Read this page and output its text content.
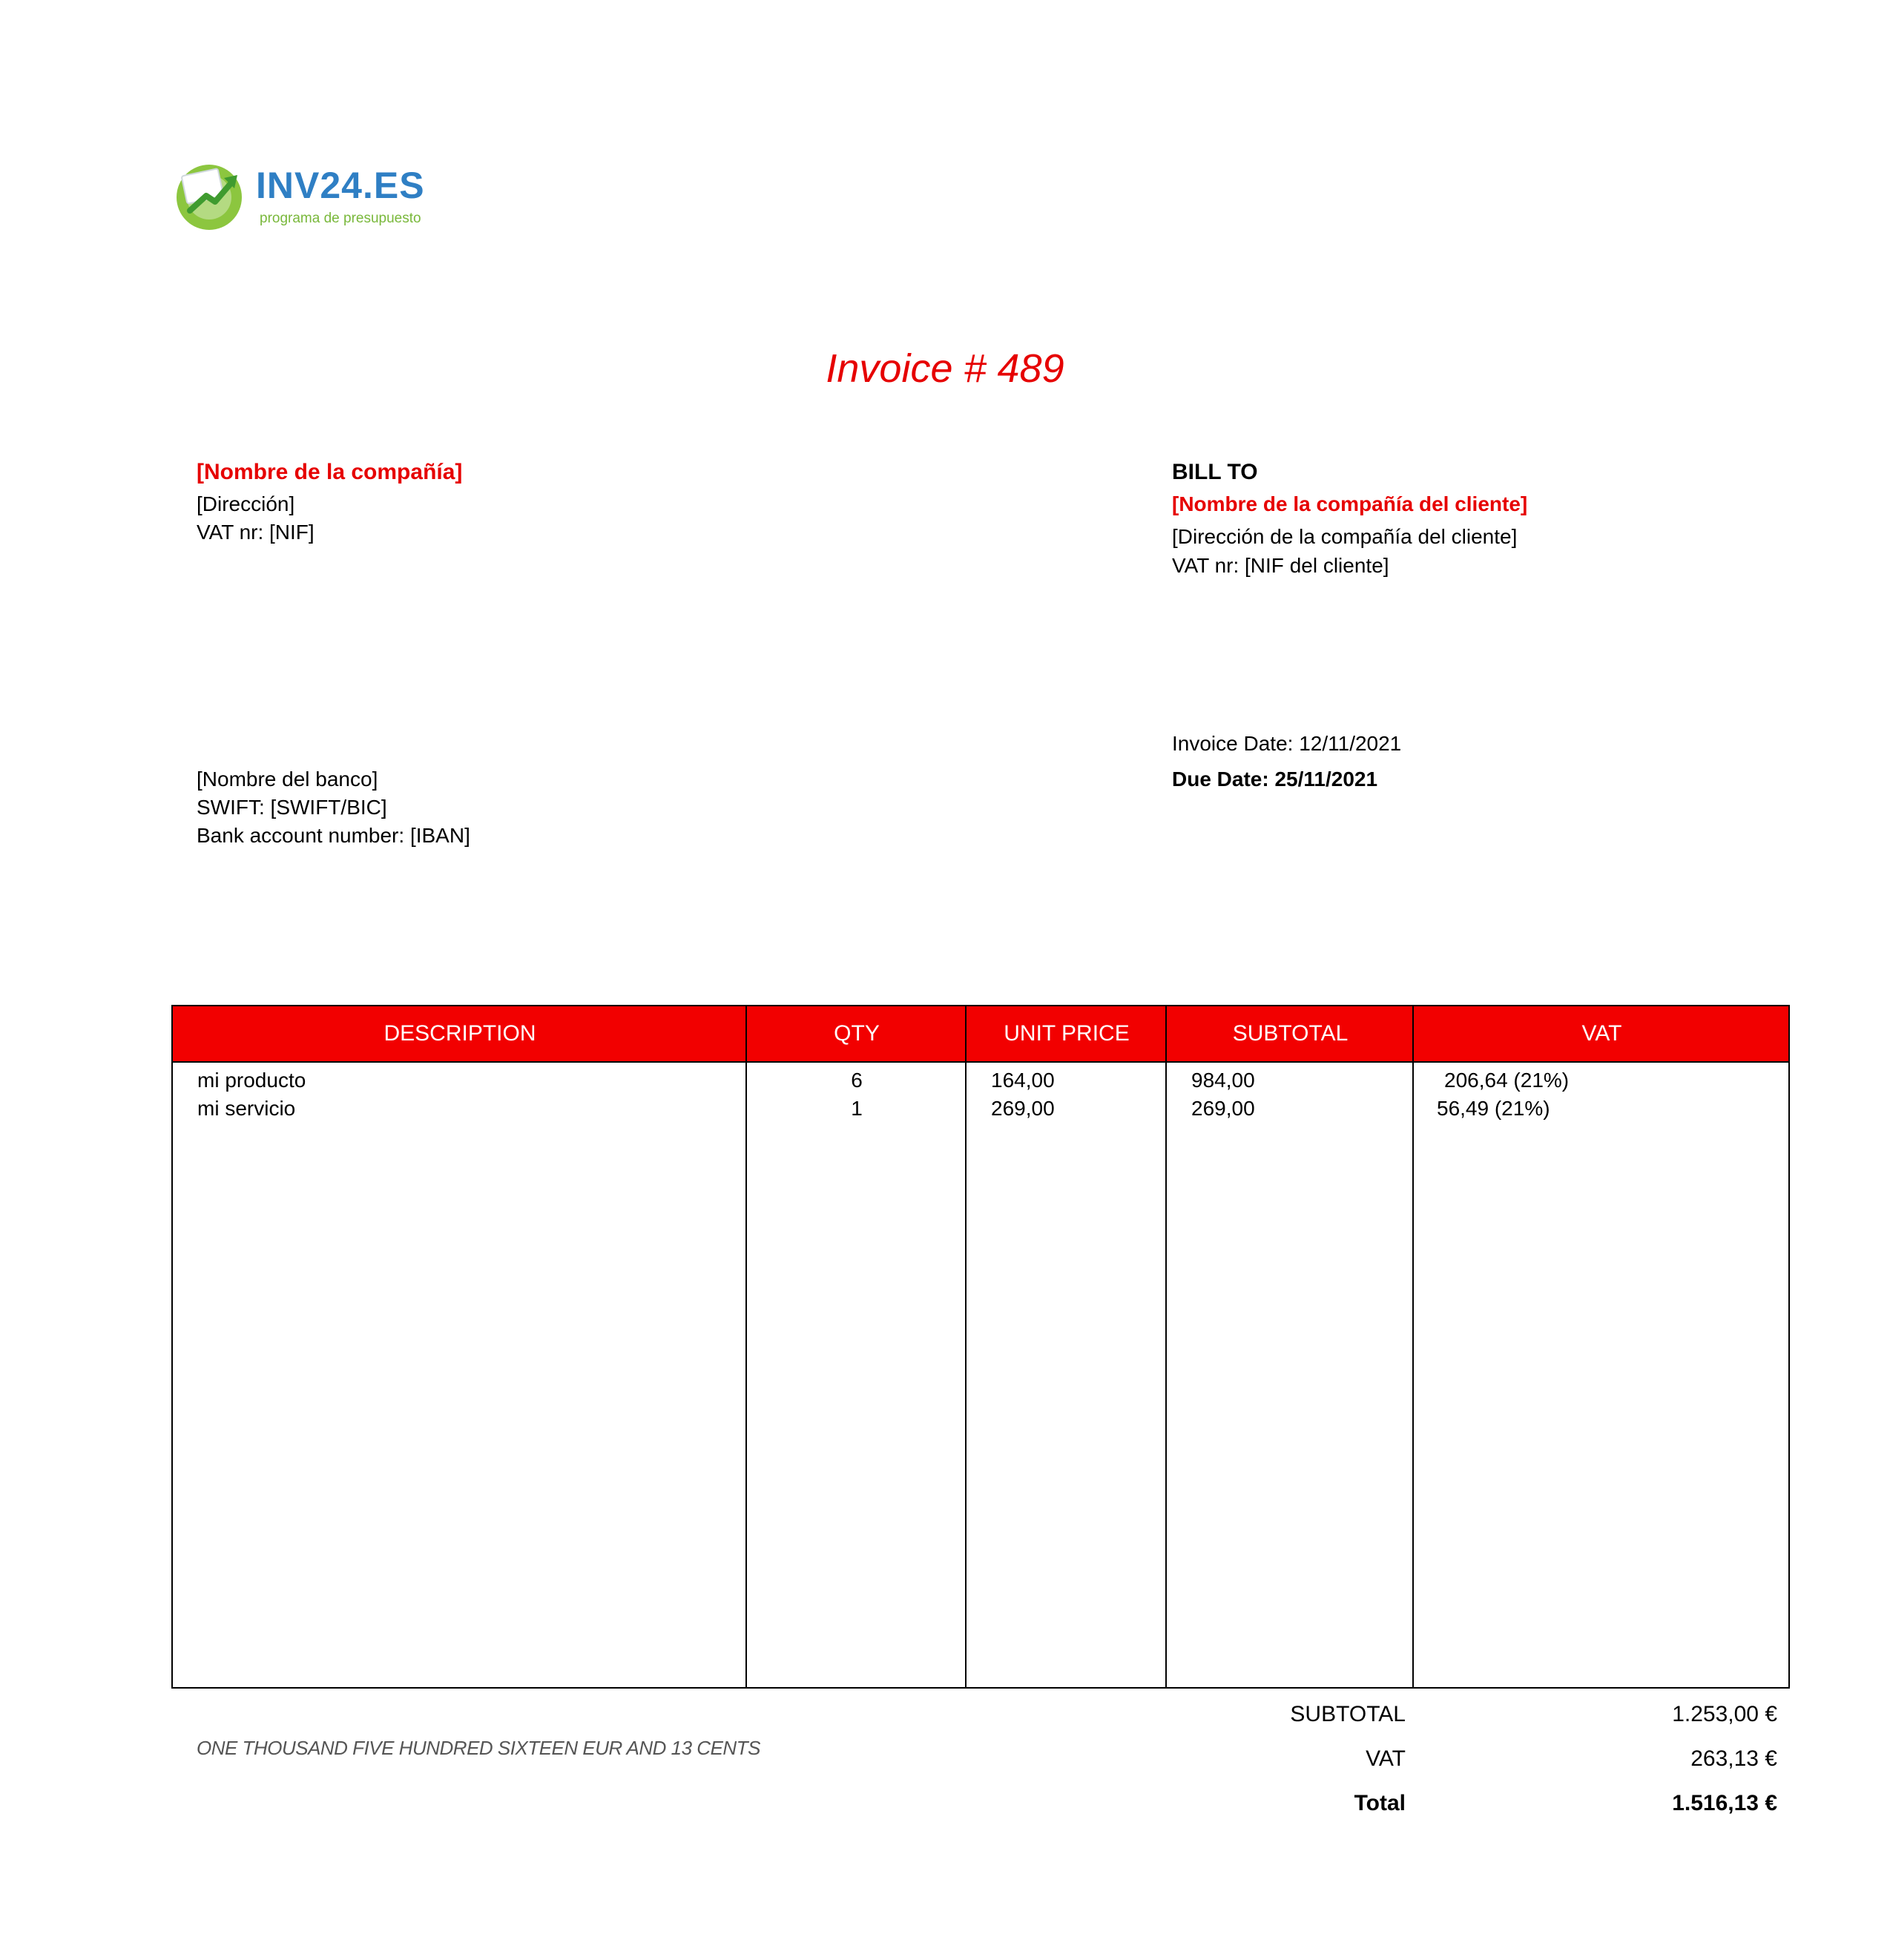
INV24.ES
programa de presupuesto
Invoice # 489
[Nombre de la compañía]
[Dirección]
VAT nr: [NIF]
BILL TO
[Nombre de la compañía del cliente]
[Dirección de la compañía del cliente]
VAT nr: [NIF del cliente]
Invoice Date: 12/11/2021
Due Date: 25/11/2021
[Nombre del banco]
SWIFT: [SWIFT/BIC]
Bank account number: [IBAN]
DESCRIPTION	QTY	UNIT PRICE	SUBTOTAL	VAT
mi producto	6	164,00	984,00	206,64 (21%)
mi servicio	1	269,00	269,00	56,49 (21%)
ONE THOUSAND FIVE HUNDRED SIXTEEN EUR AND 13 CENTS
SUBTOTAL	1.253,00 €
VAT	263,13 €
Total	1.516,13 €
